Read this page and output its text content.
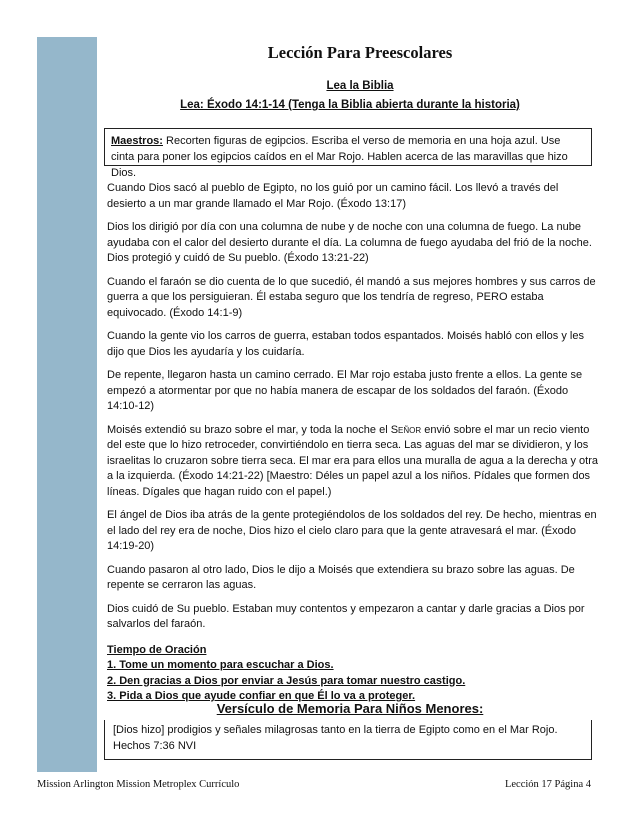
Lección Para Preescolares
Lea la Biblia
Lea: Éxodo 14:1-14 (Tenga la Biblia abierta durante la historia)
Maestros: Recorten figuras de egipcios. Escriba el verso de memoria en una hoja azul. Use cinta para poner los egipcios caídos en el Mar Rojo. Hablen acerca de las maravillas que hizo Dios.

Cuando Dios sacó al pueblo de Egipto, no los guió por un camino fácil. Los llevó a través del desierto a un mar grande llamado el Mar Rojo. (Éxodo 13:17)

Dios los dirigió por día con una columna de nube y de noche con una columna de fuego. La nube ayudaba con el calor del desierto durante el día. La columna de fuego ayudaba del frió de la noche. Dios protegió y cuidó de Su pueblo. (Éxodo 13:21-22)

Cuando el faraón se dio cuenta de lo que sucedió, él mandó a sus mejores hombres y sus carros de guerra a que los persiguieran. Él estaba seguro que los tendría de regreso, PERO estaba equivocado. (Éxodo 14:1-9)

Cuando la gente vio los carros de guerra, estaban todos espantados. Moisés habló con ellos y les dijo que Dios les ayudaría y los cuidaría.

De repente, llegaron hasta un camino cerrado. El Mar rojo estaba justo frente a ellos. La gente se empezó a atormentar por que no había manera de escapar de los soldados del faraón. (Éxodo 14:10-12)

Moisés extendió su brazo sobre el mar, y toda la noche el Señor envió sobre el mar un recio viento del este que lo hizo retroceder, convirtiéndolo en tierra seca. Las aguas del mar se dividieron, y los israelitas lo cruzaron sobre tierra seca. El mar era para ellos una muralla de agua a la derecha y otra a la izquierda. (Éxodo 14:21-22) [Maestro: Déles un papel azul a los niños. Pídales que formen dos líneas. Dígales que hagan ruido con el papel.)

El ángel de Dios iba atrás de la gente protegiéndolos de los soldados del rey. De hecho, mientras en el lado del rey era de noche, Dios hizo el cielo claro para que la gente atravesará el mar. (Éxodo 14:19-20)

Cuando pasaron al otro lado, Dios le dijo a Moisés que extendiera su brazo sobre las aguas. De repente se cerraron las aguas.

Dios cuidó de Su pueblo. Estaban muy contentos y empezaron a cantar y darle gracias a Dios por salvarlos del faraón.

Tiempo de Oración
1. Tome un momento para escuchar a Dios.
2. Den gracias a Dios por enviar a Jesús para tomar nuestro castigo.
3. Pida a Dios que ayude confiar en que Él lo va a proteger.
Versículo de Memoria Para Niños Menores:
[Dios hizo] prodigios y señales milagrosas tanto en la tierra de Egipto como en el Mar Rojo. Hechos 7:36 NVI
Mission Arlington Mission Metroplex Currículo	Lección 17 Página 4
